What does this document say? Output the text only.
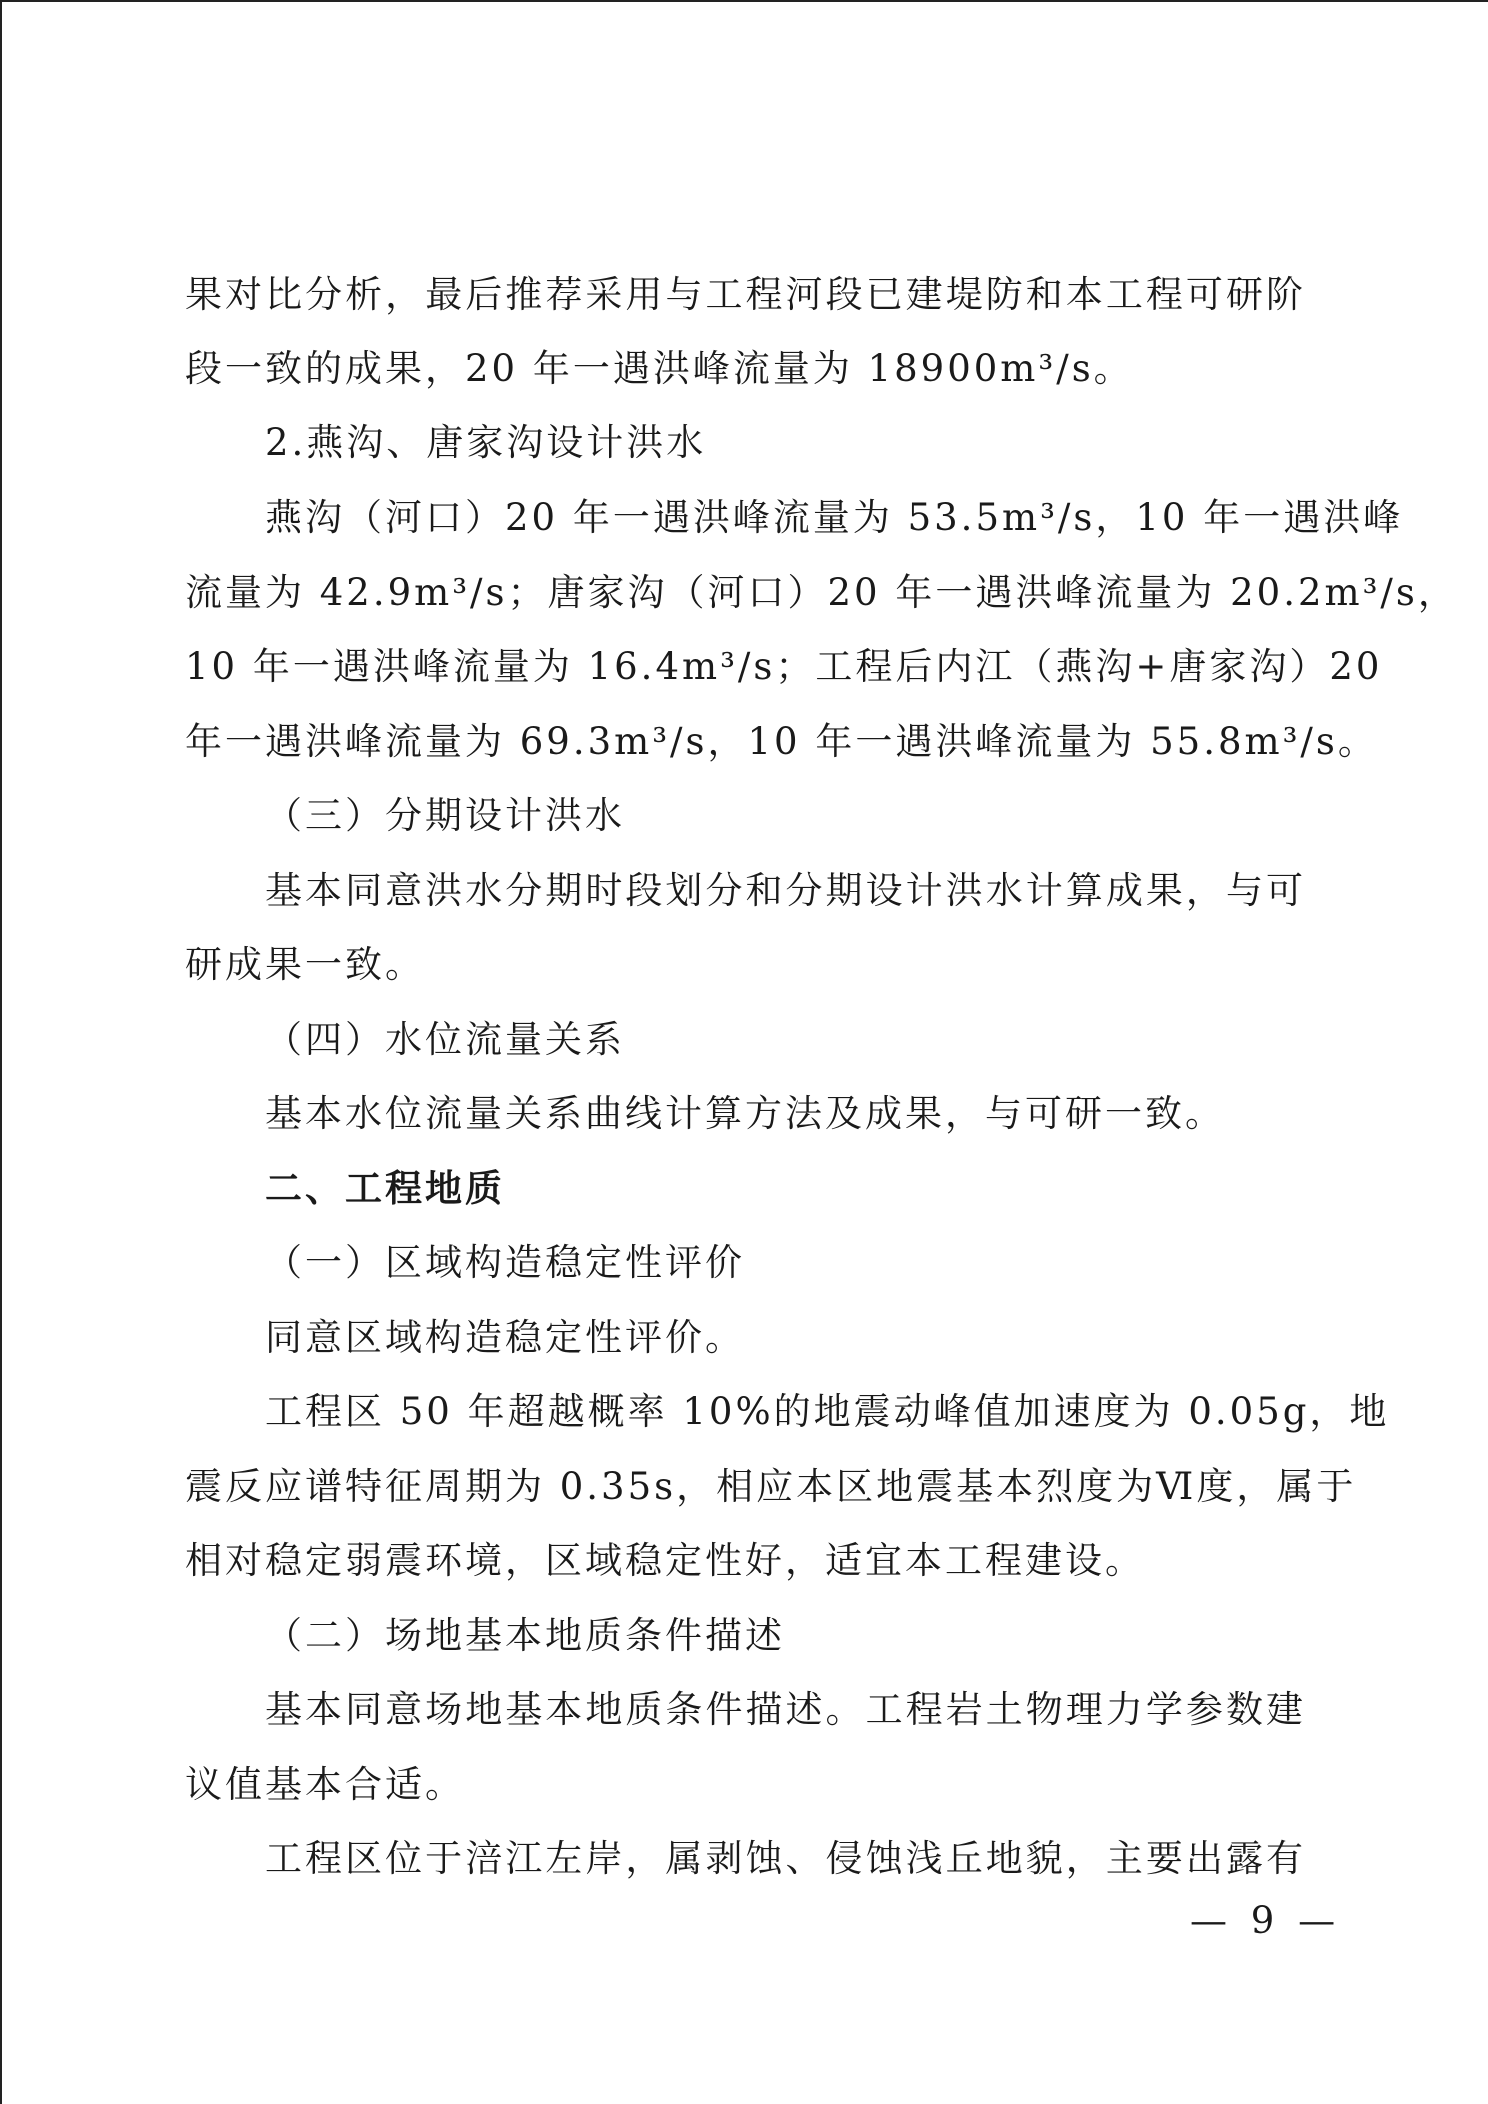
果对比分析，最后推荐采用与工程河段已建堤防和本工程可研阶
段一致的成果，20 年一遇洪峰流量为 18900m³/s。
2.燕沟、唐家沟设计洪水
燕沟（河口）20 年一遇洪峰流量为 53.5m³/s，10 年一遇洪峰
流量为 42.9m³/s；唐家沟（河口）20 年一遇洪峰流量为 20.2m³/s，
10 年一遇洪峰流量为 16.4m³/s；工程后内江（燕沟+唐家沟）20
年一遇洪峰流量为 69.3m³/s，10 年一遇洪峰流量为 55.8m³/s。
（三）分期设计洪水
基本同意洪水分期时段划分和分期设计洪水计算成果，与可
研成果一致。
（四）水位流量关系
基本水位流量关系曲线计算方法及成果，与可研一致。
二、工程地质
（一）区域构造稳定性评价
同意区域构造稳定性评价。
工程区 50 年超越概率 10%的地震动峰值加速度为 0.05g，地
震反应谱特征周期为 0.35s，相应本区地震基本烈度为Ⅵ度，属于
相对稳定弱震环境，区域稳定性好，适宜本工程建设。
（二）场地基本地质条件描述
基本同意场地基本地质条件描述。工程岩土物理力学参数建
议值基本合适。
工程区位于涪江左岸，属剥蚀、侵蚀浅丘地貌，主要出露有
— 9 —
